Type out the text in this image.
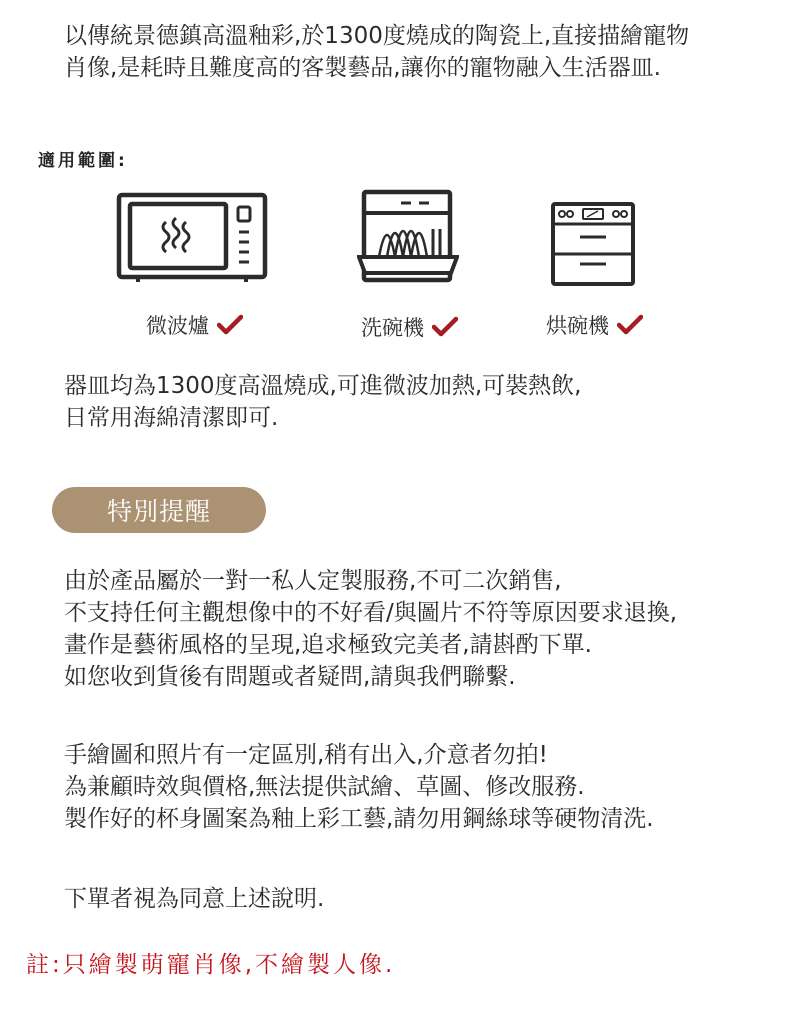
以傳統景德鎮高溫釉彩,於1300度燒成的陶瓷上,直接描繪寵物
肖像,是耗時且難度高的客製藝品,讓你的寵物融入生活器皿.
適用範圍:
微波爐	洗碗機	烘碗機
器皿均為1300度高溫燒成,可進微波加熱,可裝熱飲,
日常用海綿清潔即可.
特別提醒
由於產品屬於一對一私人定製服務,不可二次銷售,
不支持任何主觀想像中的不好看/與圖片不符等原因要求退換,
畫作是藝術風格的呈現,追求極致完美者,請斟酌下單.
如您收到貨後有問題或者疑問,請與我們聯繫.
手繪圖和照片有一定區別,稍有出入,介意者勿拍!
為兼顧時效與價格,無法提供試繪、草圖、修改服務.
製作好的杯身圖案為釉上彩工藝,請勿用鋼絲球等硬物清洗.
下單者視為同意上述說明.
註:只繪製萌寵肖像,不繪製人像.
